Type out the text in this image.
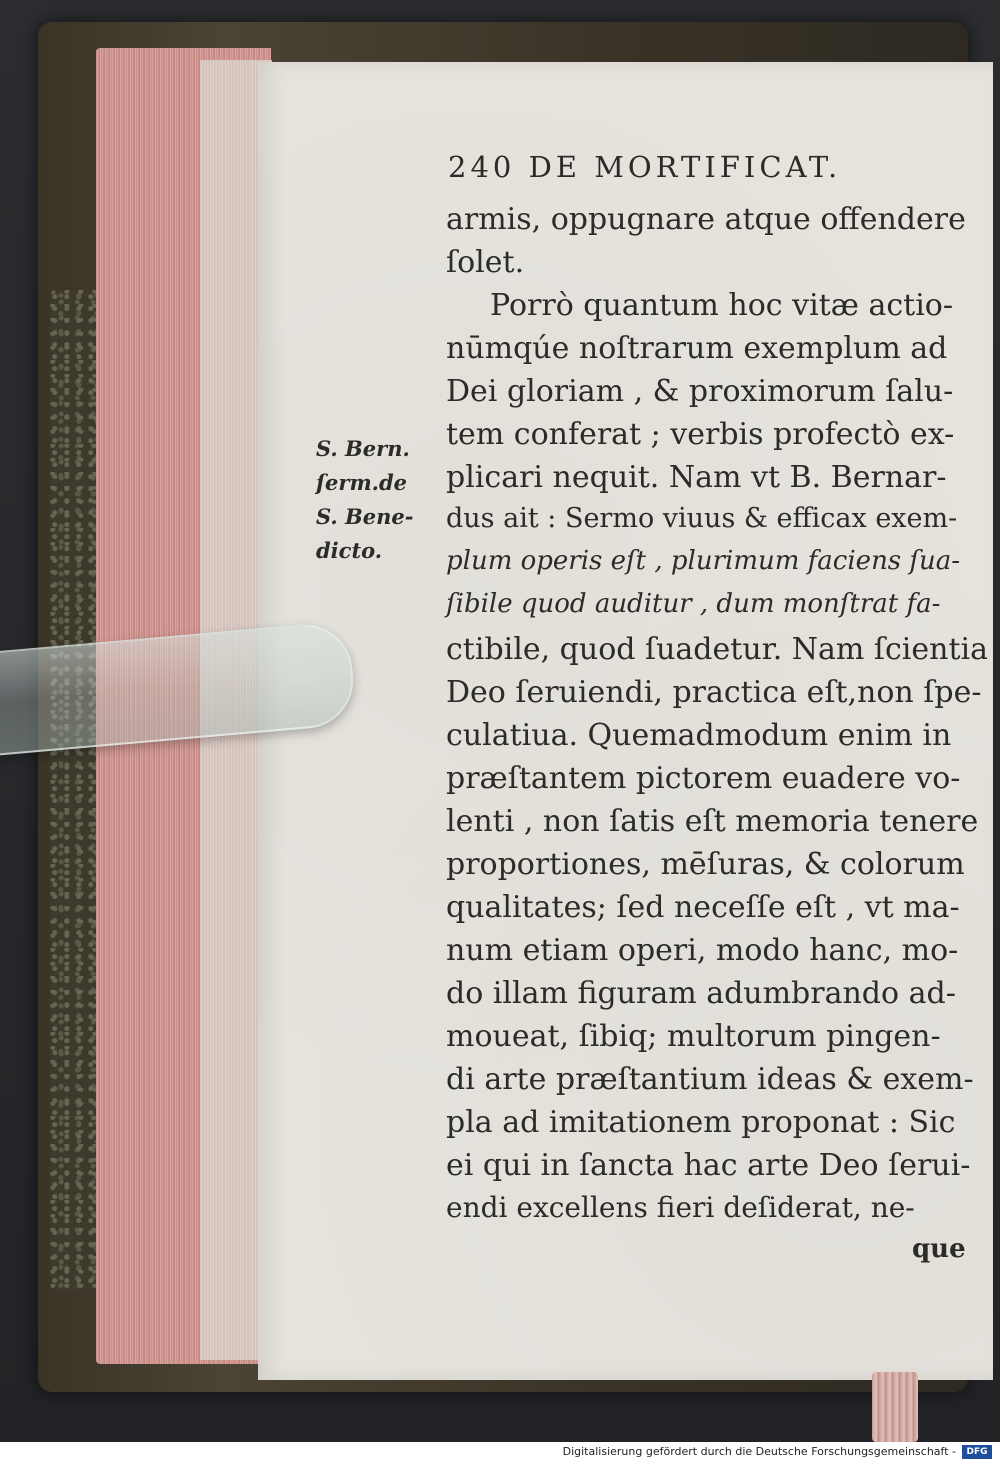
240 DE MORTIFICAT.
armis, oppugnare atque offendere
ſolet.
Porrò quantum hoc vitæ actio-
nūmqúe noſtrarum exemplum ad
Dei gloriam , & proximorum ſalu-
tem conferat ; verbis profectò ex-
plicari nequit. Nam vt B. Bernar-
dus ait : Sermo viuus & efficax exem-
plum operis eſt , plurimum faciens ſua-
ſibile quod auditur , dum monſtrat fa-
ctibile, quod ſuadetur. Nam ſcientia
Deo ſeruiendi, practica eſt,non ſpe-
culatiua. Quemadmodum enim in
præſtantem pictorem euadere vo-
lenti , non ſatis eſt memoria tenere
proportiones, mēſuras, & colorum
qualitates; ſed neceſſe eſt , vt ma-
num etiam operi, modo hanc, mo-
do illam figuram adumbrando ad-
moueat, ſibiq; multorum pingen-
di arte præſtantium ideas & exem-
pla ad imitationem proponat : Sic
ei qui in ſancta hac arte Deo ſerui-
endi excellens fieri deſiderat, ne-
que
S. Bern.
ſerm.de
S. Bene-
dicto.
Digitalisierung gefördert durch die Deutsche Forschungsgemeinschaft -	DFG
